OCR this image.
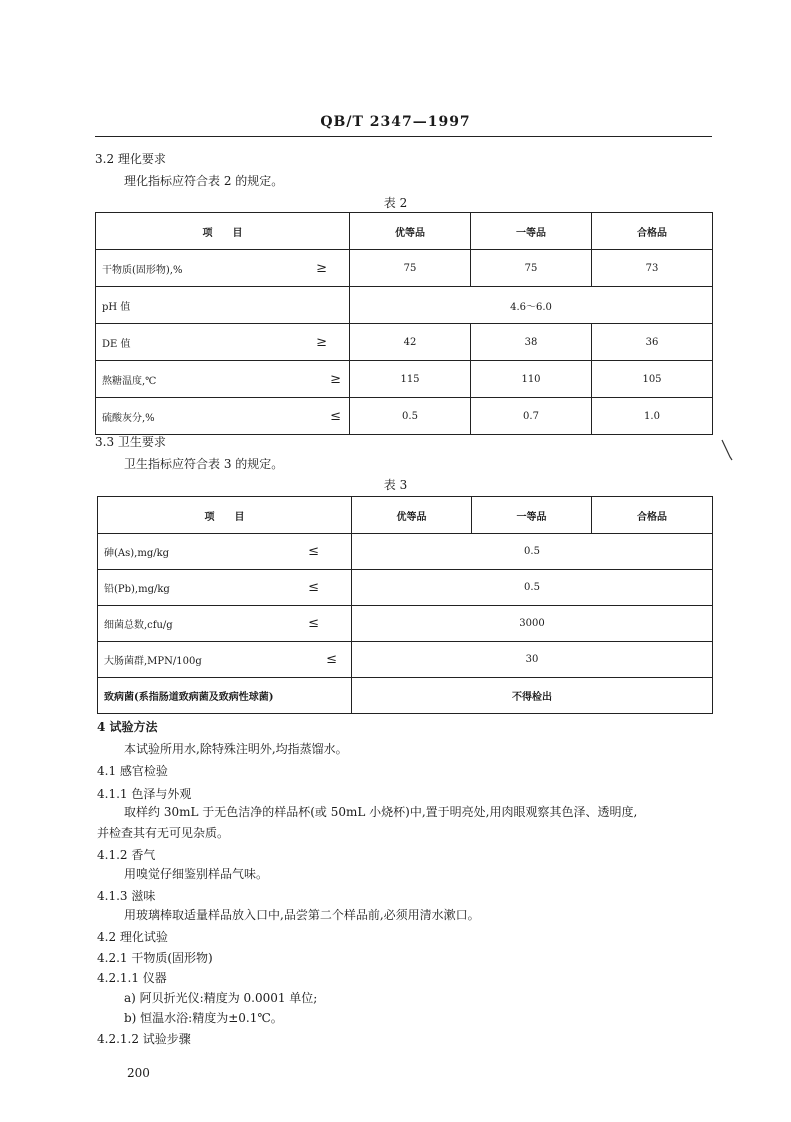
QB/T 2347—1997
3.2 理化要求
理化指标应符合表 2 的规定。
表 2
项　　目	优等品	一等品	合格品
干物质(固形物),% ≥	75	75	73
pH 值	4.6～6.0		
DE 值 ≥	42	38	36
熬糖温度,℃ ≥	115	110	105
硫酸灰分,% ≤	0.5	0.7	1.0
3.3 卫生要求
卫生指标应符合表 3 的规定。
表 3
项　　目	优等品	一等品	合格品
砷(As),mg/kg ≤	0.5		
铅(Pb),mg/kg ≤	0.5		
细菌总数,cfu/g ≤	3000		
大肠菌群,MPN/100g ≤	30		
致病菌(系指肠道致病菌及致病性球菌)	不得检出		
4 试验方法
本试验所用水,除特殊注明外,均指蒸馏水。
4.1 感官检验
4.1.1 色泽与外观
取样约 30mL 于无色洁净的样品杯(或 50mL 小烧杯)中,置于明亮处,用肉眼观察其色泽、透明度,
并检查其有无可见杂质。
4.1.2 香气
用嗅觉仔细鉴别样品气味。
4.1.3 滋味
用玻璃棒取适量样品放入口中,品尝第二个样品前,必须用清水漱口。
4.2 理化试验
4.2.1 干物质(固形物)
4.2.1.1 仪器
a) 阿贝折光仪:精度为 0.0001 单位;
b) 恒温水浴:精度为±0.1℃。
4.2.1.2 试验步骤
200
